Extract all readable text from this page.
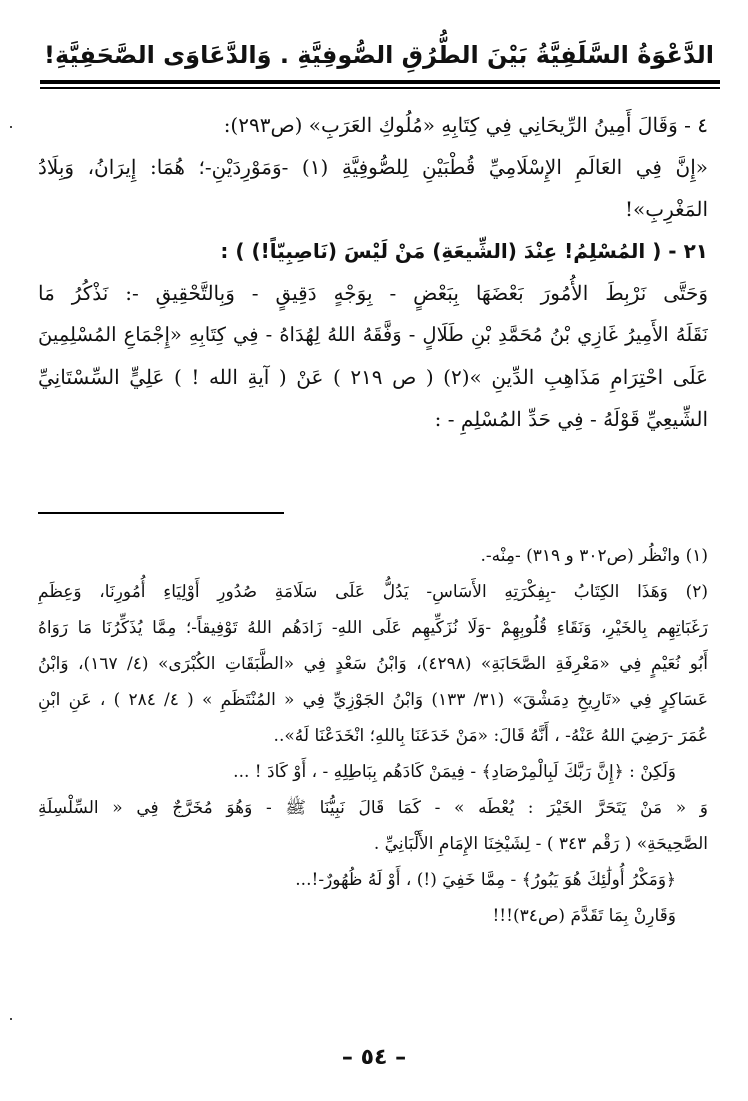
الدَّعْوَةُ السَّلَفِيَّةُ بَيْنَ الطُّرُقِ الصُّوفِيَّةِ . وَالدَّعَاوَى الصَّحَفِيَّةِ!
٤ - وَقَالَ أَمِينُ الرِّيحَانِي فِي كِتَابِهِ «مُلُوكِ العَرَبِ» (ص٢٩٣):
«إِنَّ فِي العَالَمِ الإِسْلَامِيِّ قُطْبَيْنِ لِلصُّوفِيَّةِ (١) -وَمَوْرِدَيْنِ-؛ هُمَا: إِيرَانُ، وَبِلَادُ
المَغْرِبِ»!
٢١ - ( المُسْلِمُ! عِنْدَ (الشِّيعَةِ) مَنْ لَيْسَ (نَاصِبِيّاً!) ) :
وَحَتَّى نَرْبِطَ الأُمُورَ بَعْضَهَا بِبَعْضٍ - بِوَجْهٍ دَقِيقٍ - وَبِالتَّحْقِيقِ -: نَذْكُرُ مَا
نَقَلَهُ الأَمِيرُ غَازِي بْنُ مُحَمَّدِ بْنِ طَلَالٍ - وَفَّقَهُ اللهُ لِهُدَاهُ - فِي كِتَابِهِ «إِجْمَاعِ المُسْلِمِينَ
عَلَى احْتِرَامِ مَذَاهِبِ الدِّينِ »(٢) ( ص ٢١٩ ) عَنْ ( آيةِ الله ! ) عَلِيٍّ السِّسْتَانِيِّ
الشِّيعِيِّ قَوْلَهُ - فِي حَدِّ المُسْلِمِ - :
(١) وانْظُر (ص٣٠٢ و ٣١٩) -مِنْه-.
(٢) وَهَذَا الكِتَابُ -بِفِكْرَتِهِ الأَسَاسِ- يَدُلُّ عَلَى سَلَامَةِ صُدُورِ أَوْلِيَاءِ أُمُورِنَا، وَعِظَمِ
رَغَبَاتِهِم بِالخَيْرِ، وَنَقَاءِ قُلُوبِهِمْ -وَلَا نُزَكِّيهِم عَلَى اللهِ- زَادَهُم اللهُ تَوْفِيقاً-؛ مِمَّا يُذَكِّرُنَا مَا رَوَاهُ
أَبُو نُعَيْمٍ فِي «مَعْرِفَةِ الصَّحَابَةِ» (٤٢٩٨)، وَابْنُ سَعْدٍ فِي «الطَّبَقَاتِ الكُبْرَى» (٤/ ١٦٧)، وَابْنُ
عَسَاكِرٍ فِي «تَارِيخِ دِمَشْقَ» (٣١/ ١٣٣) وَابْنُ الجَوْزِيِّ فِي « المُنْتَظَمِ » ( ٤/ ٢٨٤ ) ، عَنِ ابْنِ
عُمَرَ -رَضِيَ اللهُ عَنْهُ- ، أَنَّهُ قَالَ: «مَنْ خَدَعَنَا بِاللهِ؛ انْخَدَعْنَا لَهُ»..
وَلَكِنْ : ﴿إِنَّ رَبَّكَ لَبِالْمِرْصَادِ﴾ - فِيمَنْ كَادَهُم بِبَاطِلِهِ - ، أَوْ كَادَ ! ...
وَ « مَنْ يَتَحَرَّ الخَيْرَ : يُعْطَه » - كَمَا قَالَ نَبِيُّنَا ﷺ - وَهُوَ مُخَرَّجٌ فِي « السِّلْسِلَةِ
الصَّحِيحَةِ» ( رَقْم ٣٤٣ ) - لِشَيْخِنَا الإِمَامِ الأَلْبَانِيِّ .
﴿وَمَكْرُ أُولَٰئِكَ هُوَ يَبُورُ﴾ - مِمَّا خَفِيَ (!) ، أَوْ لَهُ ظُهُورٌ-!...
وَقَارِنْ بِمَا تَقَدَّمَ (ص٣٤)!!!
– ٥٤ –
